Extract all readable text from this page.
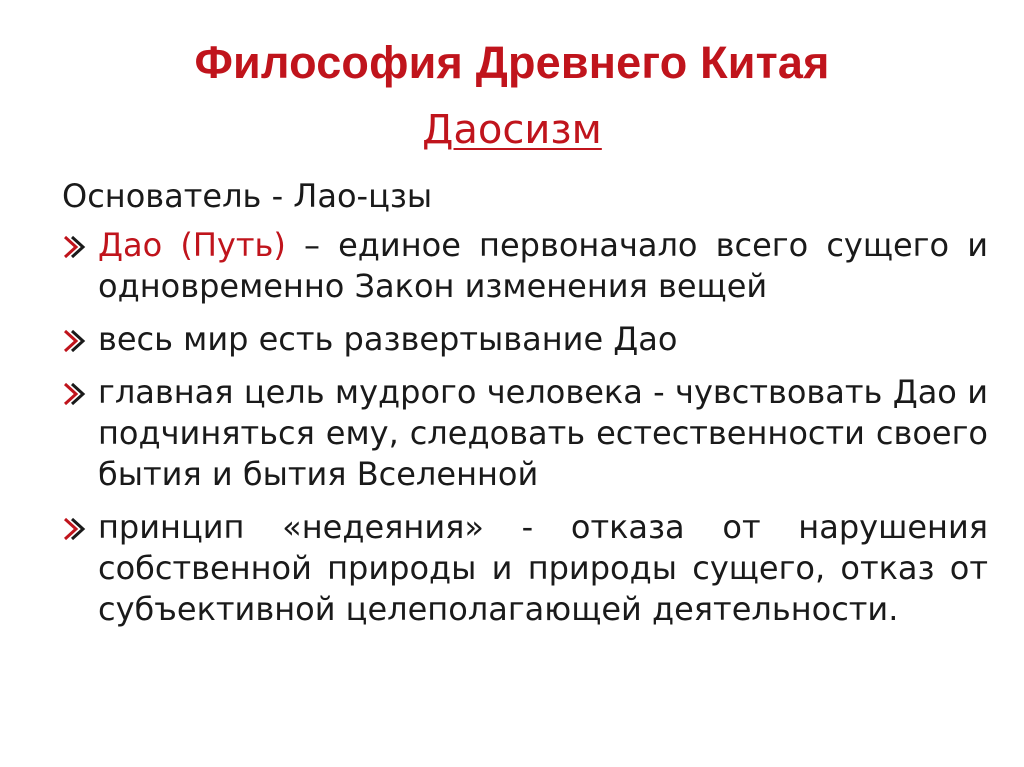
Философия Древнего Китая
Даосизм
Основатель - Лао-цзы
Дао (Путь) – единое первоначало всего сущего и одновременно Закон изменения вещей
весь мир есть развертывание Дао
главная цель мудрого человека - чувствовать Дао и подчиняться ему, следовать естественности своего бытия и бытия Вселенной
принцип «недеяния» - отказа от нарушения собственной природы и природы сущего, отказ от субъективной целеполагающей деятельности.
